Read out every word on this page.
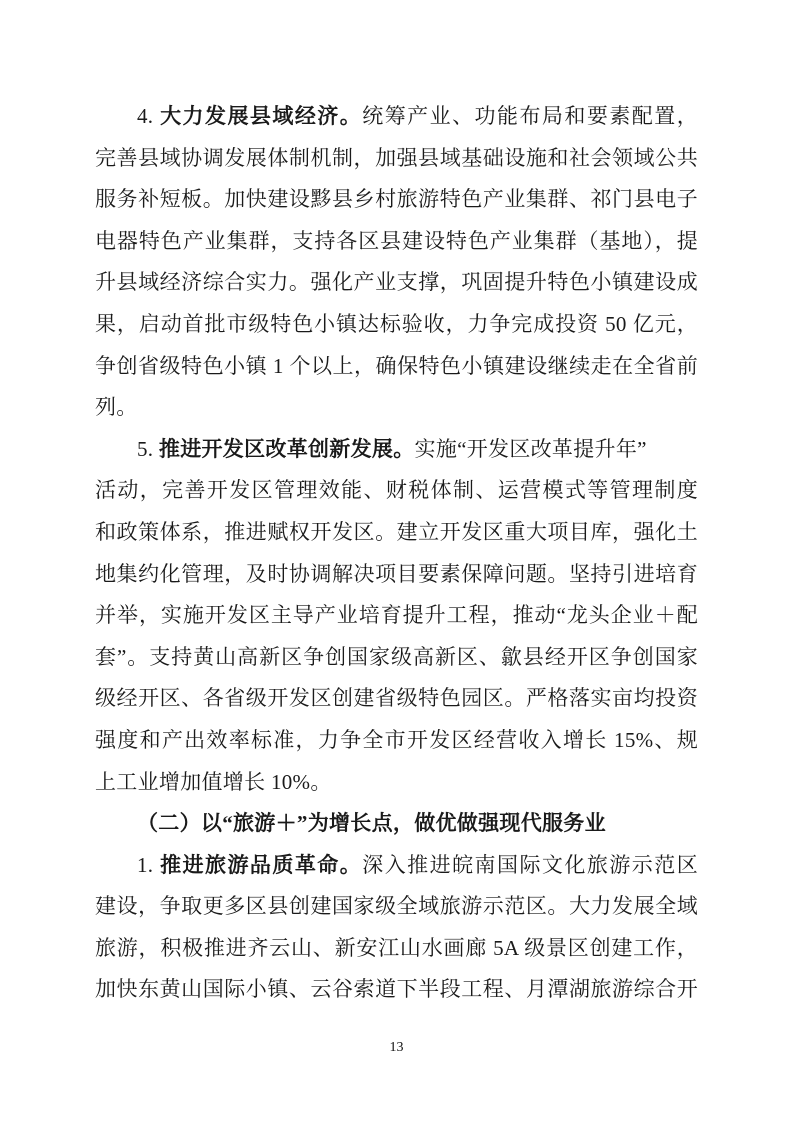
4. 大力发展县域经济。统筹产业、功能布局和要素配置，
完善县域协调发展体制机制，加强县域基础设施和社会领域公共
服务补短板。加快建设黟县乡村旅游特色产业集群、祁门县电子
电器特色产业集群，支持各区县建设特色产业集群（基地），提
升县域经济综合实力。强化产业支撑，巩固提升特色小镇建设成
果，启动首批市级特色小镇达标验收，力争完成投资 50 亿元，
争创省级特色小镇 1 个以上，确保特色小镇建设继续走在全省前
列。
5. 推进开发区改革创新发展。实施“开发区改革提升年”
活动，完善开发区管理效能、财税体制、运营模式等管理制度
和政策体系，推进赋权开发区。建立开发区重大项目库，强化土
地集约化管理，及时协调解决项目要素保障问题。坚持引进培育
并举，实施开发区主导产业培育提升工程，推动“龙头企业＋配
套”。支持黄山高新区争创国家级高新区、歙县经开区争创国家
级经开区、各省级开发区创建省级特色园区。严格落实亩均投资
强度和产出效率标准，力争全市开发区经营收入增长 15%、规
上工业增加值增长 10%。
（二）以“旅游＋”为增长点，做优做强现代服务业
1. 推进旅游品质革命。深入推进皖南国际文化旅游示范区
建设，争取更多区县创建国家级全域旅游示范区。大力发展全域
旅游，积极推进齐云山、新安江山水画廊 5A 级景区创建工作，
加快东黄山国际小镇、云谷索道下半段工程、月潭湖旅游综合开
13
